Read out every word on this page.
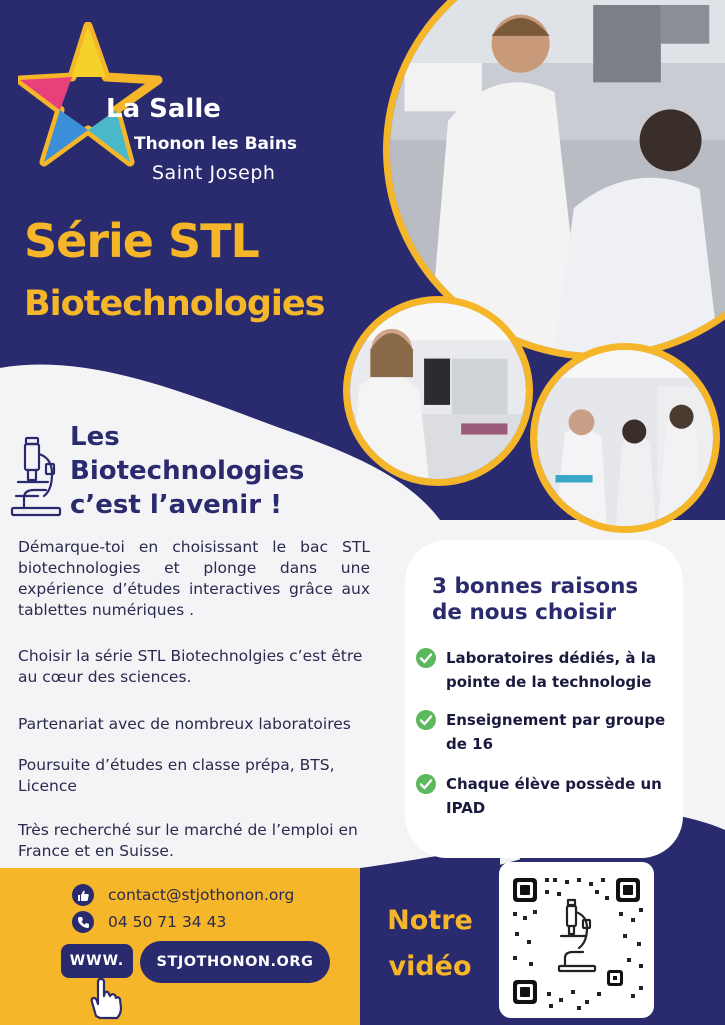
La Salle
Thonon les Bains
Saint Joseph
Série STL
Biotechnologies
Les
Biotechnologies
c’est l’avenir !
Démarque-toi en choisissant le bac STL biotechnologies et plonge dans une expérience d’études interactives grâce aux tablettes numériques .
Choisir la série STL Biotechnolgies c’est être au cœur des sciences.
Partenariat avec de nombreux laboratoires
Poursuite d’études en classe prépa, BTS, Licence
Très recherché sur le marché de l’emploi en France et en Suisse.
3 bonnes raisons de nous choisir
Laboratoires dédiés, à la pointe de la technologie
Enseignement par groupe de 16
Chaque élève possède un IPAD
contact@stjothonon.org
04 50 71 34 43
WWW.	STJOTHONON.ORG
Notre
vidéo
